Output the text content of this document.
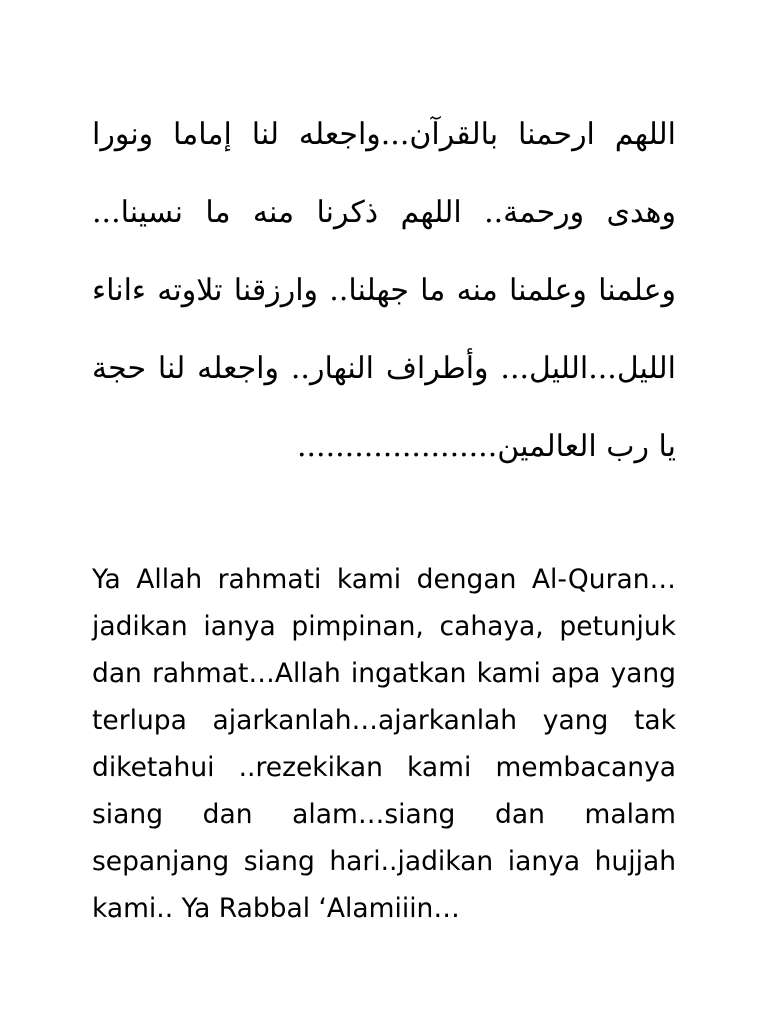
اللهم ارحمنا بالقرآن...واجعله لنا إماما ونورا
وهدى ورحمة.. اللهم ذكرنا منه ما نسينا...
وعلمنا وعلمنا منه ما جهلنا.. وارزقنا تلاوته ءاناء
الليل...الليل... وأطراف النهار.. واجعله لنا حجة
يا رب العالمين.....................
Ya Allah rahmati kami dengan Al-Quran…
jadikan ianya pimpinan, cahaya, petunjuk
dan rahmat…Allah ingatkan kami apa yang
terlupa ajarkanlah…ajarkanlah yang tak
diketahui ..rezekikan kami membacanya
siang dan alam…siang dan malam
sepanjang siang hari..jadikan ianya hujjah
kami.. Ya Rabbal ‘Alamiiin…
